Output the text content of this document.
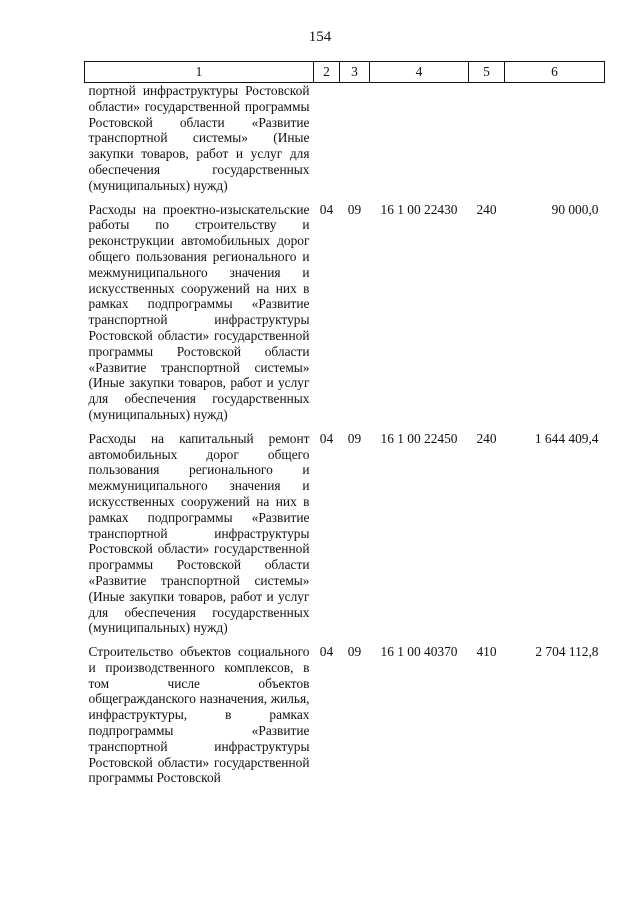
154
1	2	3	4	5	6
портной инфраструктуры Ростовской области» государственной программы Ростовской области «Развитие транспортной системы» (Иные закупки товаров, работ и услуг для обеспечения государственных (муниципальных) нужд)					
Расходы на проектно-изыскательские работы по строительству и реконструкции автомобильных дорог общего пользования регионального и межмуниципального значения и искусственных сооружений на них в рамках подпрограммы «Развитие транспортной инфраструктуры Ростовской области» государственной программы Ростовской области «Развитие транспортной системы» (Иные закупки товаров, работ и услуг для обеспечения государственных (муниципальных) нужд)	04	09	16 1 00 22430	240	90 000,0
Расходы на капитальный ремонт автомобильных дорог общего пользования регионального и межмуниципального значения и искусственных сооружений на них в рамках подпрограммы «Развитие транспортной инфраструктуры Ростовской области» государственной программы Ростовской области «Развитие транспортной системы» (Иные закупки товаров, работ и услуг для обеспечения государственных (муниципальных) нужд)	04	09	16 1 00 22450	240	1 644 409,4
Строительство объектов социального и производственного комплексов, в том числе объектов общегражданского назначения, жилья, инфраструктуры, в рамках подпрограммы «Развитие транспортной инфраструктуры Ростовской области» государственной программы Ростовской	04	09	16 1 00 40370	410	2 704 112,8
